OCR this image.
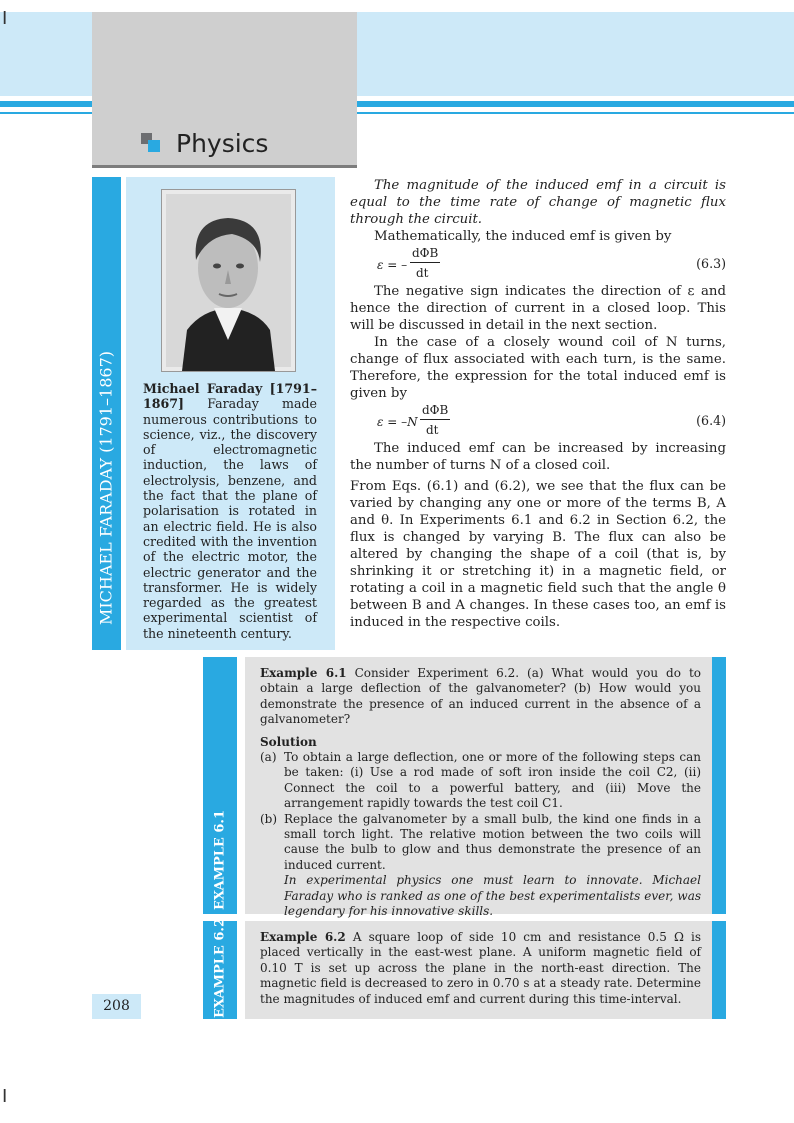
Physics
I
I
MICHAEL FARADAY (1791–1867) Michael Faraday [1791–1867] Faraday made numerous contributions to science, viz., the discovery of electromagnetic induction, the laws of electrolysis, benzene, and the fact that the plane of polarisation is rotated in an electric field. He is also credited with the invention of the electric motor, the electric generator and the transformer. He is widely regarded as the greatest experimental scientist of the nineteenth century.

The magnitude of the induced emf in a circuit is equal to the time rate of change of magnetic flux through the circuit.

Mathematically, the induced emf is given by

ε = –
dΦB
dt
(6.3)

The negative sign indicates the direction of ε and hence the direction of current in a closed loop. This will be discussed in detail in the next section.

In the case of a closely wound coil of N turns, change of flux associated with each turn, is the same. Therefore, the expression for the total induced emf is given by

ε = –N
dΦB
dt
(6.4)

The induced emf can be increased by increasing the number of turns N of a closed coil.

From Eqs. (6.1) and (6.2), we see that the flux can be varied by changing any one or more of the terms B, A and θ. In Experiments 6.1 and 6.2 in Section 6.2, the flux is changed by varying B. The flux can also be altered by changing the shape of a coil (that is, by shrinking it or stretching it) in a magnetic field, or rotating a coil in a magnetic field such that the angle θ between B and A changes. In these cases too, an emf is induced in the respective coils.

EXAMPLE 6.1

Example 6.1 Consider Experiment 6.2. (a) What would you do to obtain a large deflection of the galvanometer? (b) How would you demonstrate the presence of an induced current in the absence of a galvanometer?

Solution

(a) To obtain a large deflection, one or more of the following steps can be taken: (i) Use a rod made of soft iron inside the coil C2, (ii) Connect the coil to a powerful battery, and (iii) Move the arrangement rapidly towards the test coil C1.
(b) Replace the galvanometer by a small bulb, the kind one finds in a small torch light. The relative motion between the two coils will cause the bulb to glow and thus demonstrate the presence of an induced current.
In experimental physics one must learn to innovate. Michael Faraday who is ranked as one of the best experimentalists ever, was legendary for his innovative skills.
EXAMPLE 6.2	Example 6.2 A square loop of side 10 cm and resistance 0.5 Ω is placed vertically in the east-west plane. A uniform magnetic field of 0.10 T is set up across the plane in the north-east direction. The magnetic field is decreased to zero in 0.70 s at a steady rate. Determine the magnitudes of induced emf and current during this time-interval.

208
